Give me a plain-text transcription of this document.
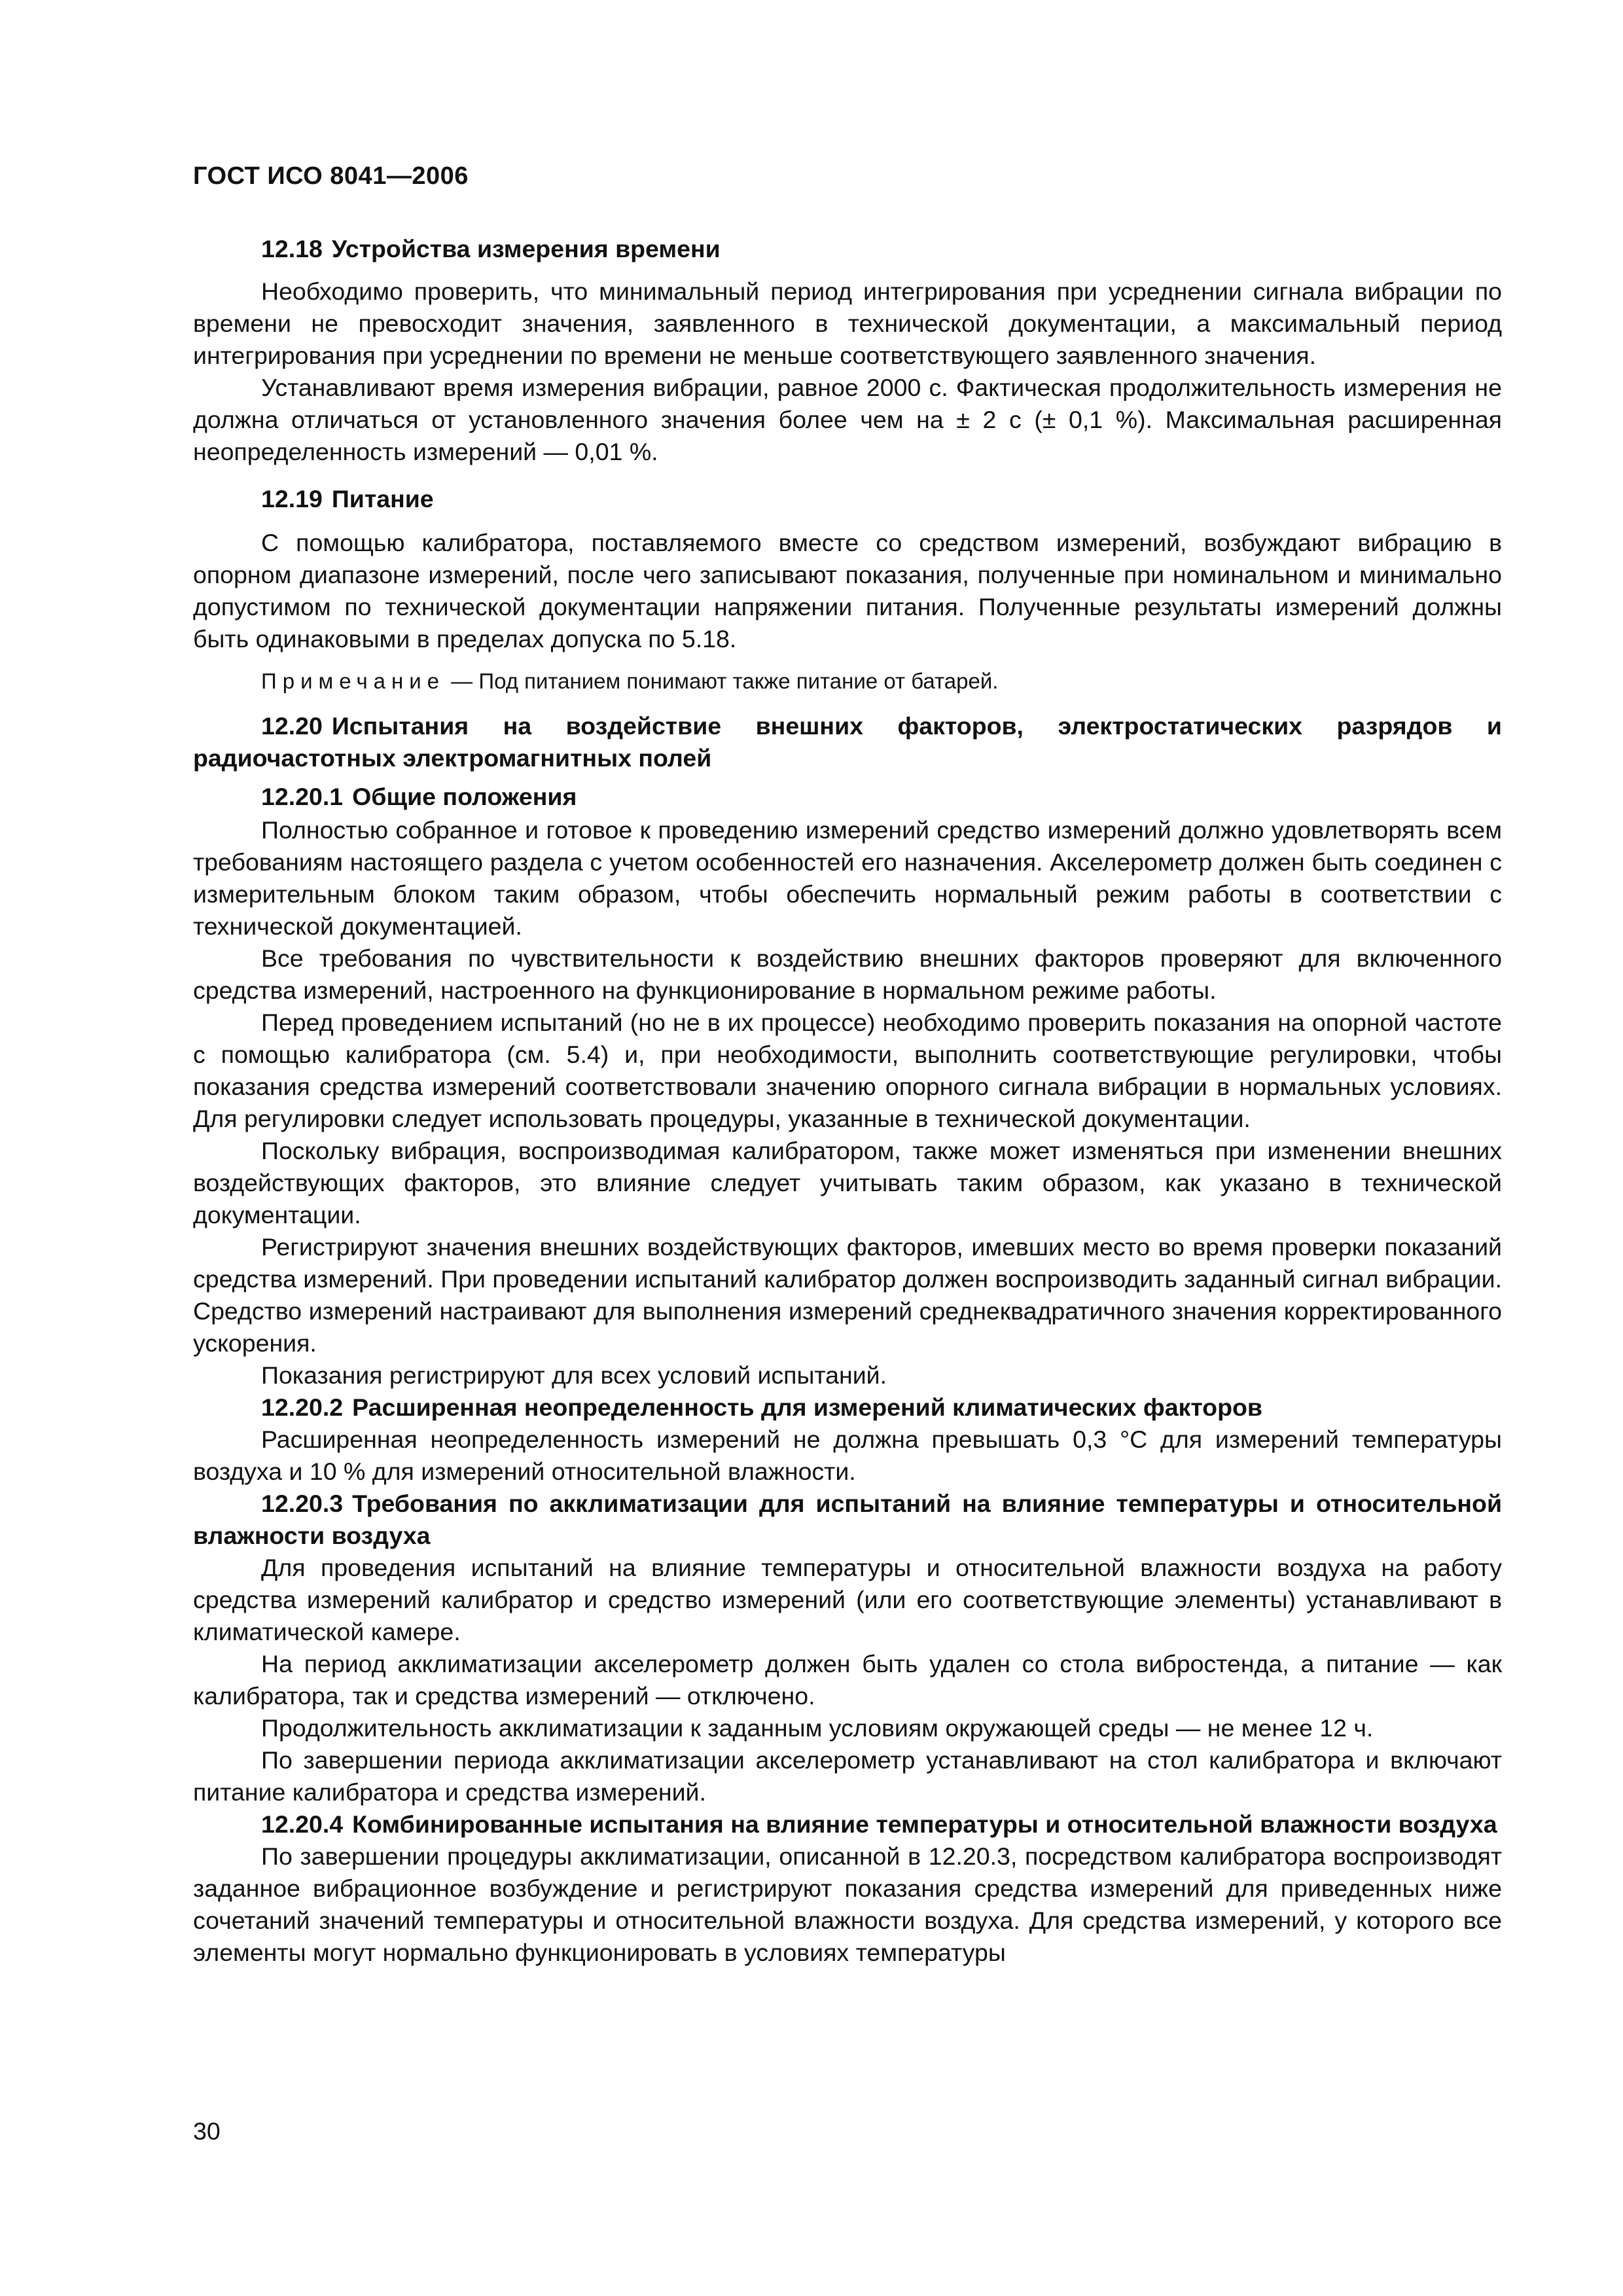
ГОСТ ИСО 8041—2006
12.18 Устройства измерения времени

Необходимо проверить, что минимальный период интегрирования при усреднении сигнала вибрации по времени не превосходит значения, заявленного в технической документации, а максимальный период интегрирования при усреднении по времени не меньше соответствующего заявленного значения.

Устанавливают время измерения вибрации, равное 2000 с. Фактическая продолжительность измерения не должна отличаться от установленного значения более чем на ± 2 с (± 0,1 %). Максимальная расширенная неопределенность измерений — 0,01 %.

12.19 Питание

С помощью калибратора, поставляемого вместе со средством измерений, возбуждают вибрацию в опорном диапазоне измерений, после чего записывают показания, полученные при номинальном и минимально допустимом по технической документации напряжении питания. Полученные результаты измерений должны быть одинаковыми в пределах допуска по 5.18.

Примечание — Под питанием понимают также питание от батарей.

12.20 Испытания на воздействие внешних факторов, электростатических разрядов и радиочастотных электромагнитных полей
12.20.1 Общие положения

Полностью собранное и готовое к проведению измерений средство измерений должно удовлетворять всем требованиям настоящего раздела с учетом особенностей его назначения. Акселерометр должен быть соединен с измерительным блоком таким образом, чтобы обеспечить нормальный режим работы в соответствии с технической документацией.

Все требования по чувствительности к воздействию внешних факторов проверяют для включенного средства измерений, настроенного на функционирование в нормальном режиме работы.

Перед проведением испытаний (но не в их процессе) необходимо проверить показания на опорной частоте с помощью калибратора (см. 5.4) и, при необходимости, выполнить соответствующие регулировки, чтобы показания средства измерений соответствовали значению опорного сигнала вибрации в нормальных условиях. Для регулировки следует использовать процедуры, указанные в технической документации.

Поскольку вибрация, воспроизводимая калибратором, также может изменяться при изменении внешних воздействующих факторов, это влияние следует учитывать таким образом, как указано в технической документации.

Регистрируют значения внешних воздействующих факторов, имевших место во время проверки показаний средства измерений. При проведении испытаний калибратор должен воспроизводить заданный сигнал вибрации. Средство измерений настраивают для выполнения измерений среднеквадратичного значения корректированного ускорения.

Показания регистрируют для всех условий испытаний.

12.20.2 Расширенная неопределенность для измерений климатических факторов

Расширенная неопределенность измерений не должна превышать 0,3 °C для измерений температуры воздуха и 10 % для измерений относительной влажности.

12.20.3 Требования по акклиматизации для испытаний на влияние температуры и относительной влажности воздуха

Для проведения испытаний на влияние температуры и относительной влажности воздуха на работу средства измерений калибратор и средство измерений (или его соответствующие элементы) устанавливают в климатической камере.

На период акклиматизации акселерометр должен быть удален со стола вибростенда, а питание — как калибратора, так и средства измерений — отключено.

Продолжительность акклиматизации к заданным условиям окружающей среды — не менее 12 ч.

По завершении периода акклиматизации акселерометр устанавливают на стол калибратора и включают питание калибратора и средства измерений.

12.20.4 Комбинированные испытания на влияние температуры и относительной влажности воздуха

По завершении процедуры акклиматизации, описанной в 12.20.3, посредством калибратора воспроизводят заданное вибрационное возбуждение и регистрируют показания средства измерений для приведенных ниже сочетаний значений температуры и относительной влажности воздуха. Для средства измерений, у которого все элементы могут нормально функционировать в условиях температуры

30
